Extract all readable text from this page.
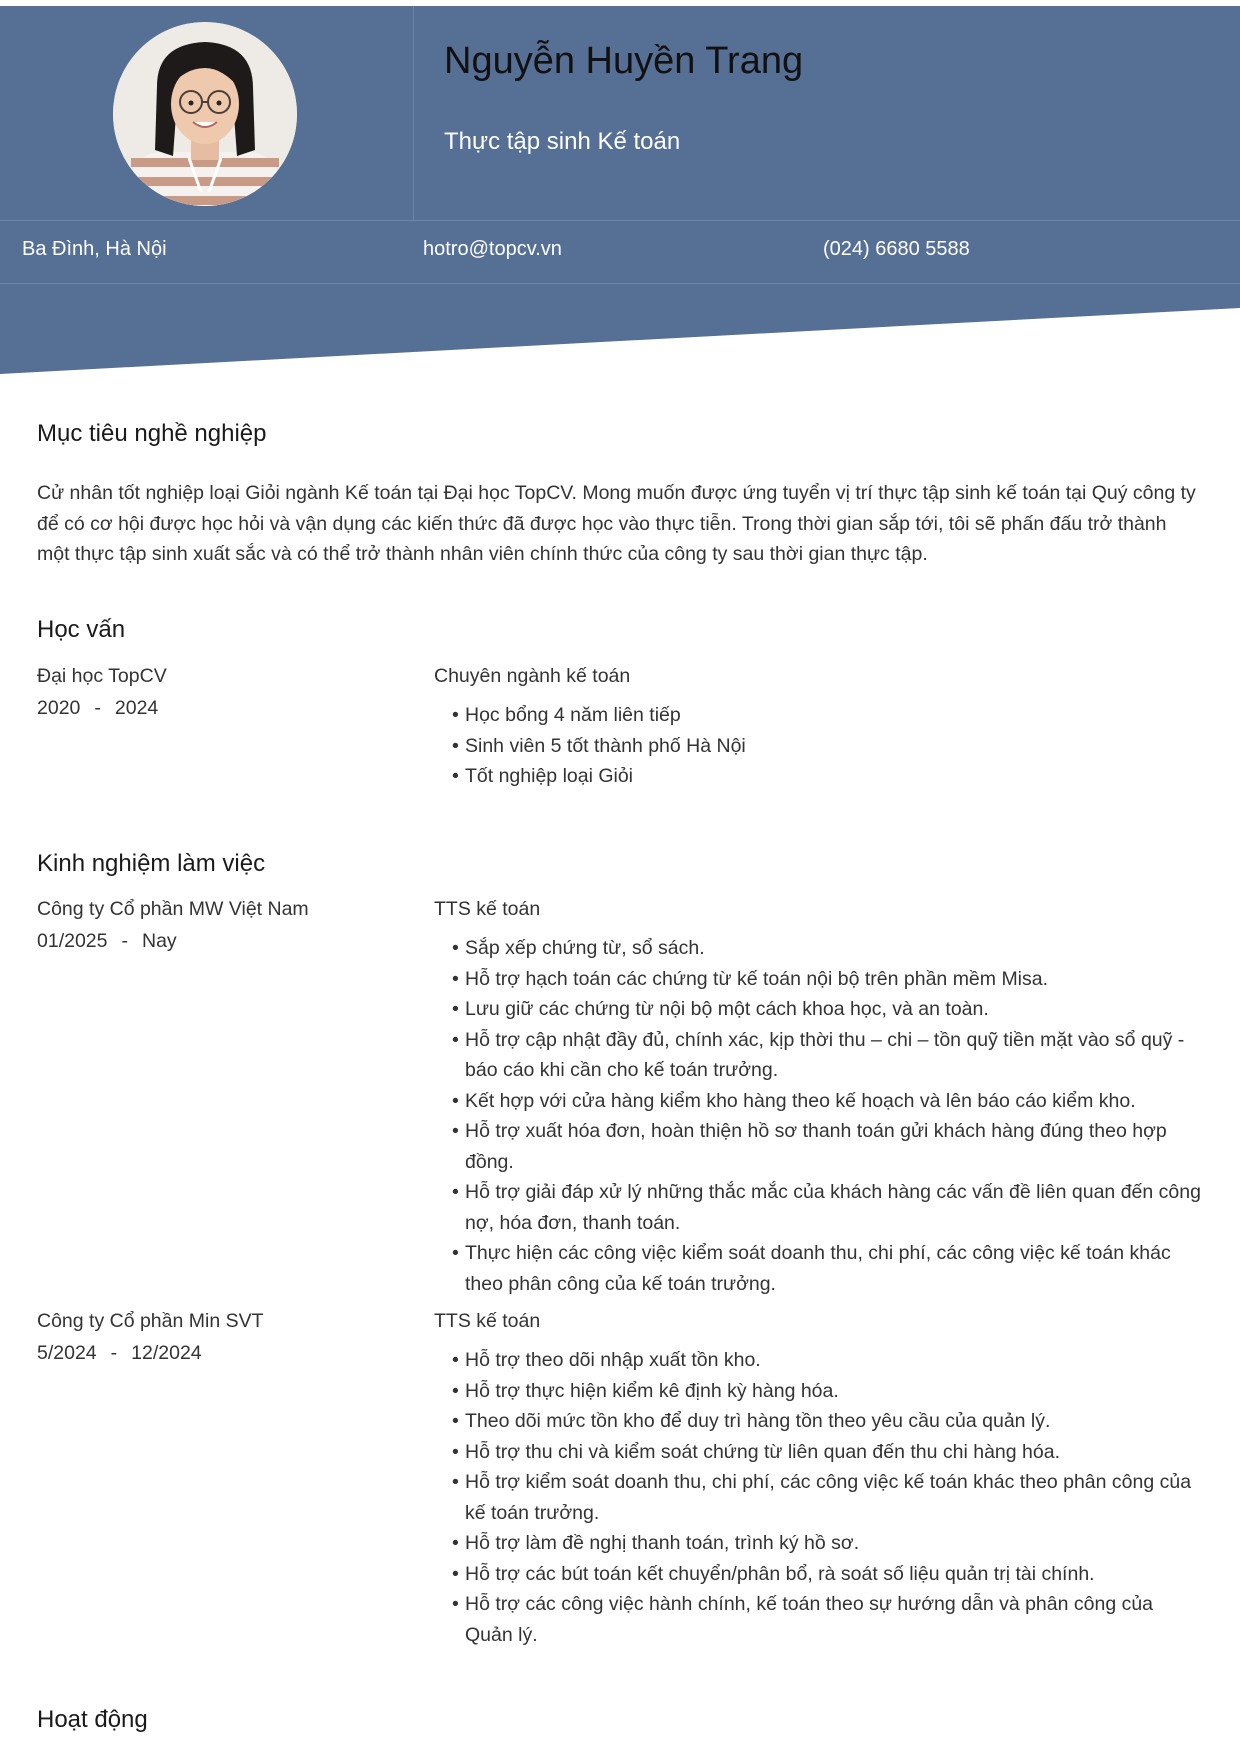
Nguyễn Huyền Trang
Thực tập sinh Kế toán
Ba Đình, Hà Nội	hotro@topcv.vn	(024) 6680 5588
Mục tiêu nghề nghiệp

Cử nhân tốt nghiệp loại Giỏi ngành Kế toán tại Đại học TopCV. Mong muốn được ứng tuyển vị trí thực tập sinh kế toán tại Quý công ty để có cơ hội được học hỏi và vận dụng các kiến thức đã được học vào thực tiễn. Trong thời gian sắp tới, tôi sẽ phấn đấu trở thành một thực tập sinh xuất sắc và có thể trở thành nhân viên chính thức của công ty sau thời gian thực tập.

Học vấn
Đại học TopCV
2020 - 2024
Chuyên ngành kế toán
• Học bổng 4 năm liên tiếp
• Sinh viên 5 tốt thành phố Hà Nội
• Tốt nghiệp loại Giỏi
Kinh nghiệm làm việc
Công ty Cổ phần MW Việt Nam
01/2025 - Nay
TTS kế toán
• Sắp xếp chứng từ, sổ sách.
• Hỗ trợ hạch toán các chứng từ kế toán nội bộ trên phần mềm Misa.
• Lưu giữ các chứng từ nội bộ một cách khoa học, và an toàn.
• Hỗ trợ cập nhật đầy đủ, chính xác, kịp thời thu – chi – tồn quỹ tiền mặt vào sổ quỹ - báo cáo khi cần cho kế toán trưởng.
• Kết hợp với cửa hàng kiểm kho hàng theo kế hoạch và lên báo cáo kiểm kho.
• Hỗ trợ xuất hóa đơn, hoàn thiện hồ sơ thanh toán gửi khách hàng đúng theo hợp đồng.
• Hỗ trợ giải đáp xử lý những thắc mắc của khách hàng các vấn đề liên quan đến công nợ, hóa đơn, thanh toán.
• Thực hiện các công việc kiểm soát doanh thu, chi phí, các công việc kế toán khác theo phân công của kế toán trưởng.
Công ty Cổ phần Min SVT
5/2024 - 12/2024
TTS kế toán
• Hỗ trợ theo dõi nhập xuất tồn kho.
• Hỗ trợ thực hiện kiểm kê định kỳ hàng hóa.
• Theo dõi mức tồn kho để duy trì hàng tồn theo yêu cầu của quản lý.
• Hỗ trợ thu chi và kiểm soát chứng từ liên quan đến thu chi hàng hóa.
• Hỗ trợ kiểm soát doanh thu, chi phí, các công việc kế toán khác theo phân công của kế toán trưởng.
• Hỗ trợ làm đề nghị thanh toán, trình ký hồ sơ.
• Hỗ trợ các bút toán kết chuyển/phân bổ, rà soát số liệu quản trị tài chính.
• Hỗ trợ các công việc hành chính, kế toán theo sự hướng dẫn và phân công của Quản lý.
Hoạt động
